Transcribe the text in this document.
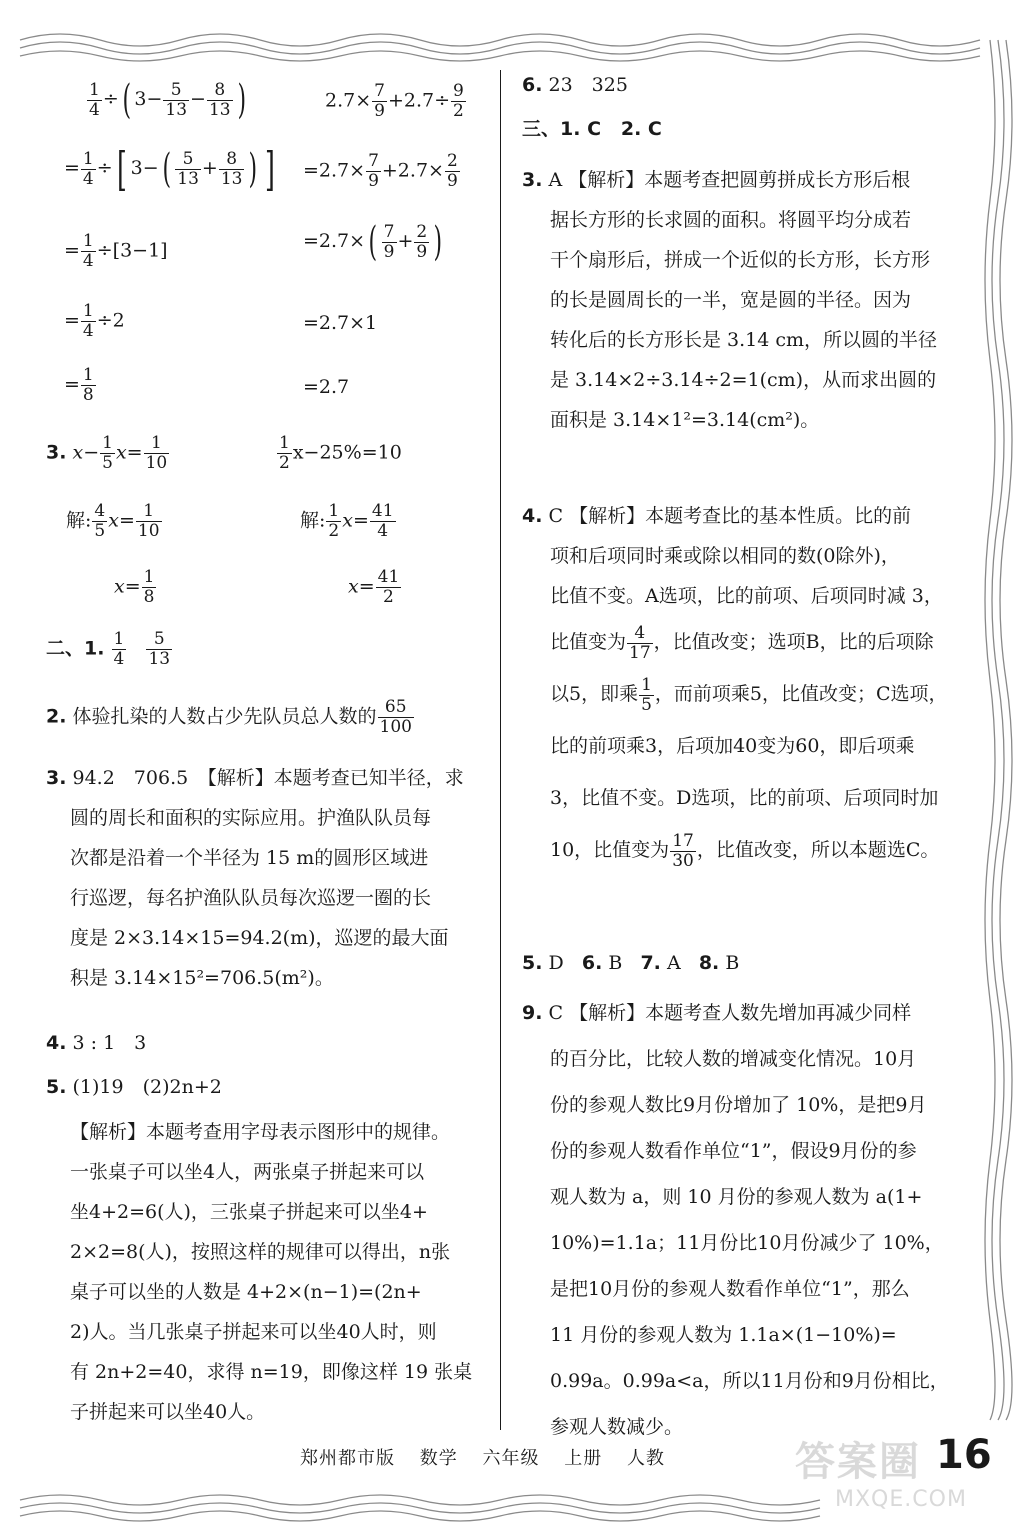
$\frac{1}{4}$ ÷( $3- \frac{5}{13} - \frac{8}{13}$ )	$2.7\times \frac{7}{9} +2.7\div \frac{9}{2}$
= $\frac{1}{4}$ ÷[ $3-( \frac{5}{13} + \frac{8}{13}$ ) ] $=2.7\times \frac{7}{9} +2.7\times \frac{2}{9}$
= $\frac{1}{4} \div[3-1]$	$=2.7\times( \frac{7}{9} + \frac{2}{9}$ )
= $\frac{1}{4} \div 2$	=2.7×1
= $\frac{1}{8}$	=2.7
3. $x- \frac{1}{5} x= \frac{1}{10}$	$\frac{1}{2} x-25\%=10$
解: $\frac{4}{5} x= \frac{1}{10}$	解: $\frac{1}{2} x= \frac{41}{4}$
$x= \frac{1}{8}$	$x= \frac{41}{2}$
二、1. $\frac{1}{4}$
$\frac{5}{13}$
2. 体验扎染的人数占少先队员总人数的 $\frac{65}{100}$

3. 94.2　706.5　【解析】本题考查已知半径，求

圆的周长和面积的实际应用。护渔队队员每

次都是沿着一个半径为 15 m的圆形区域进

行巡逻，每名护渔队队员每次巡逻一圈的长

度是 2×3.14×15=94.2(m)，巡逻的最大面

积是 3.14×15²=706.5(m²)。

4. 3 : 1　3
5. (1)19　(2)2n+2

【解析】本题考查用字母表示图形中的规律。

一张桌子可以坐4人，两张桌子拼起来可以

坐4+2=6(人)，三张桌子拼起来可以坐4+

2×2=8(人)，按照这样的规律可以得出，n张

桌子可以坐的人数是 4+2×(n−1)=(2n+

2)人。当几张桌子拼起来可以坐40人时，则

有 2n+2=40，求得 n=19，即像这样 19 张桌

子拼起来可以坐40人。

6. 23　325
三、1. C 2. C

3. A 【解析】本题考查把圆剪拼成长方形后根

据长方形的长求圆的面积。将圆平均分成若

干个扇形后，拼成一个近似的长方形，长方形

的长是圆周长的一半，宽是圆的半径。因为

转化后的长方形长是 3.14 cm，所以圆的半径

是 3.14×2÷3.14÷2=1(cm)，从而求出圆的

面积是 3.14×1²=3.14(cm²)。

4. C 【解析】本题考查比的基本性质。比的前

项和后项同时乘或除以相同的数(0除外)，

比值不变。A选项，比的前项、后项同时减 3，

比值变为 $\frac{4}{17}$ ，比值改变；选项B，比的后项除

以5，即乘 $\frac{1}{5}$ ，而前项乘5，比值改变；C选项，

比的前项乘3，后项加40变为60，即后项乘

3，比值不变。D选项，比的前项、后项同时加

10，比值变为 $\frac{17}{30}$ ，比值改变，所以本题选C。

5. D 6. B 7. A 8. B

9. C 【解析】本题考查人数先增加再减少同样

的百分比，比较人数的增减变化情况。10月

份的参观人数比9月份增加了 10%，是把9月

份的参观人数看作单位“1”，假设9月份的参

观人数为 a，则 10 月份的参观人数为 a(1+

10%)=1.1a；11月份比10月份减少了 10%，

是把10月份的参观人数看作单位“1”，那么

11 月份的参观人数为 1.1a×(1−10%)=

0.99a。0.99a<a，所以11月份和9月份相比，

参观人数减少。

郑州都市版 数学 六年级 上册 人教	答案圈
MXQE.COM
16
